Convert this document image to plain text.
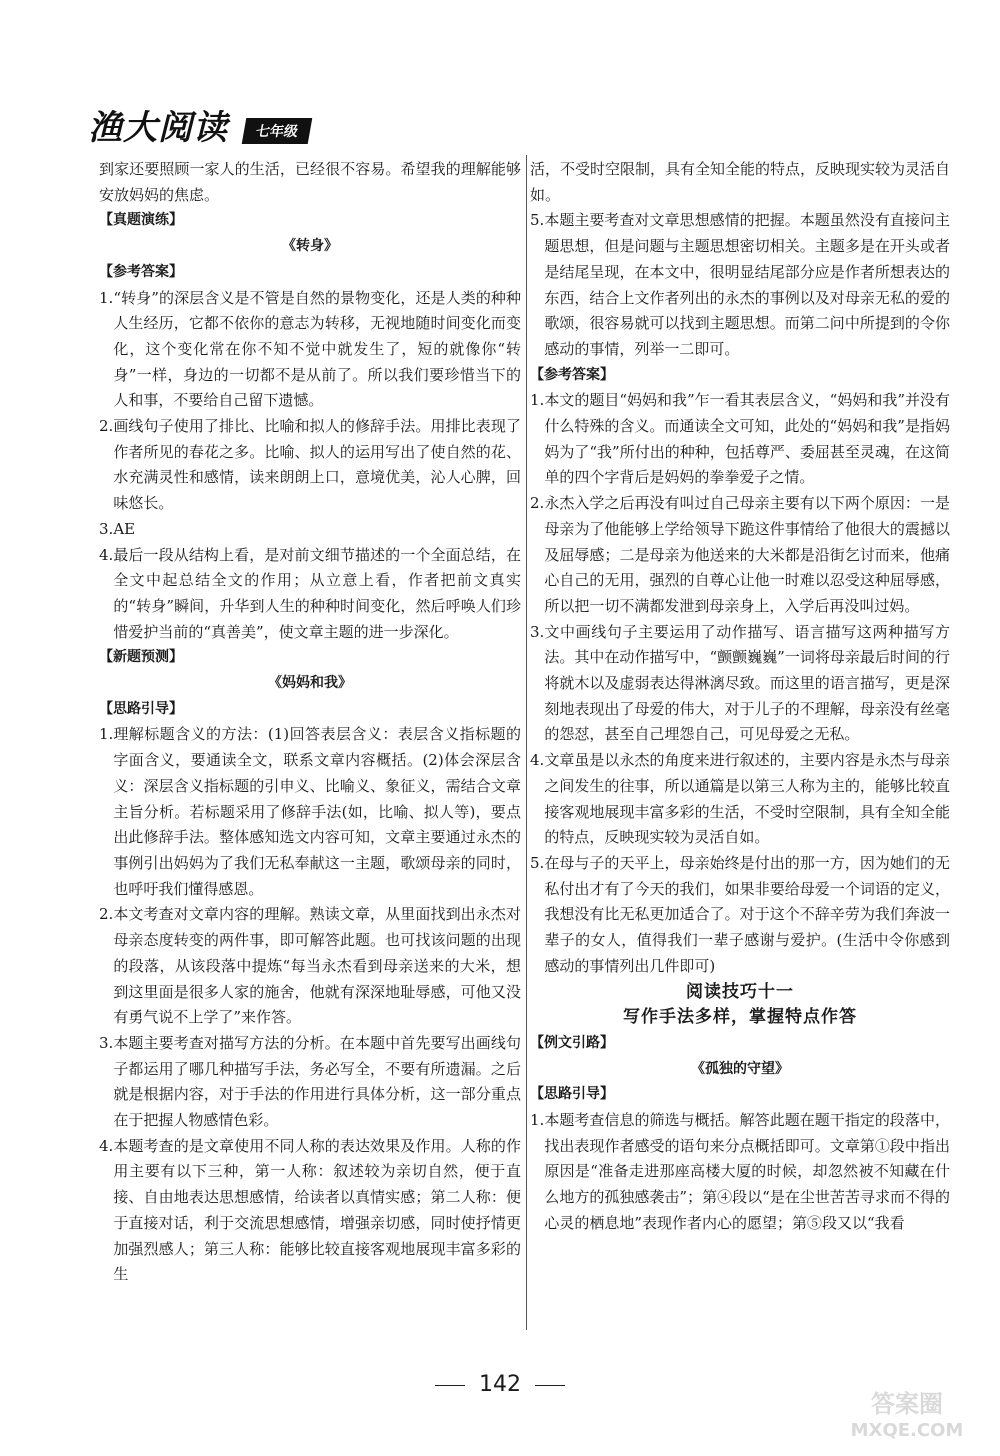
渔大阅读	七年级

到家还要照顾一家人的生活，已经很不容易。希望我的理解能够安放妈妈的焦虑。

【真题演练】

《转身》

【参考答案】

1. “转身”的深层含义是不管是自然的景物变化，还是人类的种种人生经历，它都不依你的意志为转移，无视地随时间变化而变化，这个变化常在你不知不觉中就发生了，短的就像你“转身”一样，身边的一切都不是从前了。所以我们要珍惜当下的人和事，不要给自己留下遗憾。
2. 画线句子使用了排比、比喻和拟人的修辞手法。用排比表现了作者所见的春花之多。比喻、拟人的运用写出了使自然的花、水充满灵性和感情，读来朗朗上口，意境优美，沁人心脾，回味悠长。
3. AE
4. 最后一段从结构上看，是对前文细节描述的一个全面总结，在全文中起总结全文的作用；从立意上看，作者把前文真实的“转身”瞬间，升华到人生的种种时间变化，然后呼唤人们珍惜爱护当前的“真善美”，使文章主题的进一步深化。

【新题预测】

《妈妈和我》

【思路引导】

1. 理解标题含义的方法：(1)回答表层含义：表层含义指标题的字面含义，要通读全文，联系文章内容概括。(2)体会深层含义：深层含义指标题的引申义、比喻义、象征义，需结合文章主旨分析。若标题采用了修辞手法(如，比喻、拟人等)，要点出此修辞手法。整体感知选文内容可知，文章主要通过永杰的事例引出妈妈为了我们无私奉献这一主题，歌颂母亲的同时，也呼吁我们懂得感恩。
2. 本文考查对文章内容的理解。熟读文章，从里面找到出永杰对母亲态度转变的两件事，即可解答此题。也可找该问题的出现的段落，从该段落中提炼“每当永杰看到母亲送来的大米，想到这里面是很多人家的施舍，他就有深深地耻辱感，可他又没有勇气说不上学了”来作答。
3. 本题主要考查对描写方法的分析。在本题中首先要写出画线句子都运用了哪几种描写手法，务必写全，不要有所遗漏。之后就是根据内容，对于手法的作用进行具体分析，这一部分重点在于把握人物感情色彩。
4. 本题考查的是文章使用不同人称的表达效果及作用。人称的作用主要有以下三种，第一人称：叙述较为亲切自然，便于直接、自由地表达思想感情，给读者以真情实感；第二人称：便于直接对话，利于交流思想感情，增强亲切感，同时使抒情更加强烈感人；第三人称：能够比较直接客观地展现丰富多彩的生

活，不受时空限制，具有全知全能的特点，反映现实较为灵活自如。

5. 本题主要考查对文章思想感情的把握。本题虽然没有直接问主题思想，但是问题与主题思想密切相关。主题多是在开头或者是结尾呈现，在本文中，很明显结尾部分应是作者所想表达的东西，结合上文作者列出的永杰的事例以及对母亲无私的爱的歌颂，很容易就可以找到主题思想。而第二问中所提到的令你感动的事情，列举一二即可。

【参考答案】

1. 本文的题目“妈妈和我”乍一看其表层含义，“妈妈和我”并没有什么特殊的含义。而通读全文可知，此处的“妈妈和我”是指妈妈为了“我”所付出的种种，包括尊严、委屈甚至灵魂，在这简单的四个字背后是妈妈的拳拳爱子之情。
2. 永杰入学之后再没有叫过自己母亲主要有以下两个原因：一是母亲为了他能够上学给领导下跪这件事情给了他很大的震撼以及屈辱感；二是母亲为他送来的大米都是沿街乞讨而来，他痛心自己的无用，强烈的自尊心让他一时难以忍受这种屈辱感，所以把一切不满都发泄到母亲身上，入学后再没叫过妈。
3. 文中画线句子主要运用了动作描写、语言描写这两种描写方法。其中在动作描写中，“颤颤巍巍”一词将母亲最后时间的行将就木以及虚弱表达得淋漓尽致。而这里的语言描写，更是深刻地表现出了母爱的伟大，对于儿子的不理解，母亲没有丝毫的怨怼，甚至自己埋怨自己，可见母爱之无私。
4. 文章虽是以永杰的角度来进行叙述的，主要内容是永杰与母亲之间发生的往事，所以通篇是以第三人称为主的，能够比较直接客观地展现丰富多彩的生活，不受时空限制，具有全知全能的特点，反映现实较为灵活自如。
5. 在母与子的天平上，母亲始终是付出的那一方，因为她们的无私付出才有了今天的我们，如果非要给母爱一个词语的定义，我想没有比无私更加适合了。对于这个不辞辛劳为我们奔波一辈子的女人，值得我们一辈子感谢与爱护。(生活中令你感到感动的事情列出几件即可)

阅读技巧十一

写作手法多样，掌握特点作答

【例文引路】

《孤独的守望》

【思路引导】

1. 本题考查信息的筛选与概括。解答此题在题干指定的段落中，找出表现作者感受的语句来分点概括即可。文章第①段中指出原因是“准备走进那座高楼大厦的时候，却忽然被不知藏在什么地方的孤独感袭击”；第④段以“是在尘世苦苦寻求而不得的心灵的栖息地”表现作者内心的愿望；第⑤段又以“我看
142
答案圈
MXQE.COM
